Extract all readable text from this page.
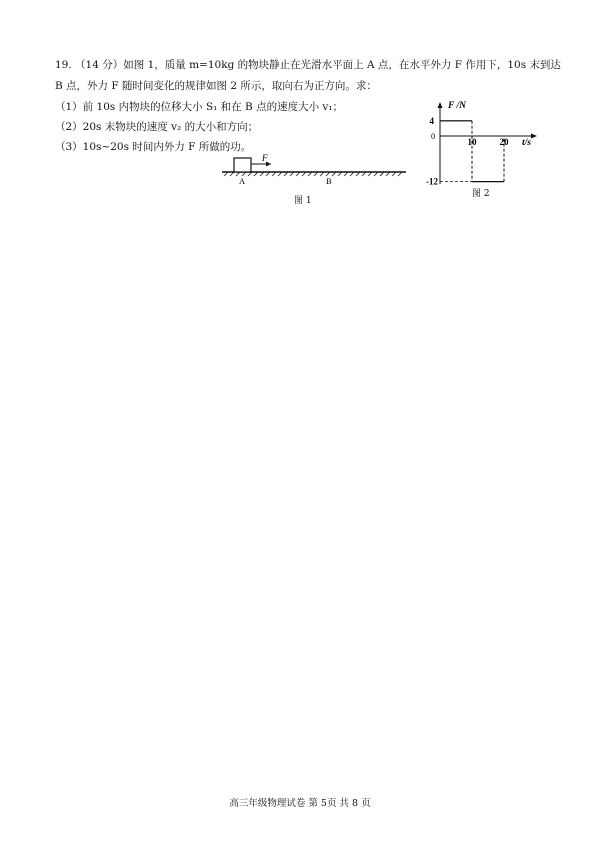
19. （14 分）如图 1，质量 m=10kg 的物块静止在光滑水平面上 A 点，在水平外力 F 作用下，10s 末到达
B 点，外力 F 随时间变化的规律如图 2 所示，取向右为正方向。求：
（1）前 10s 内物块的位移大小 S₁ 和在 B 点的速度大小 v₁；
（2）20s 末物块的速度 v₂ 的大小和方向；
（3）10s~20s 时间内外力 F 所做的功。
F
A	B
图 1
F /N
t/s
0
4
-12
10	20
图 2
高三年级物理试卷 第 5页 共 8 页
